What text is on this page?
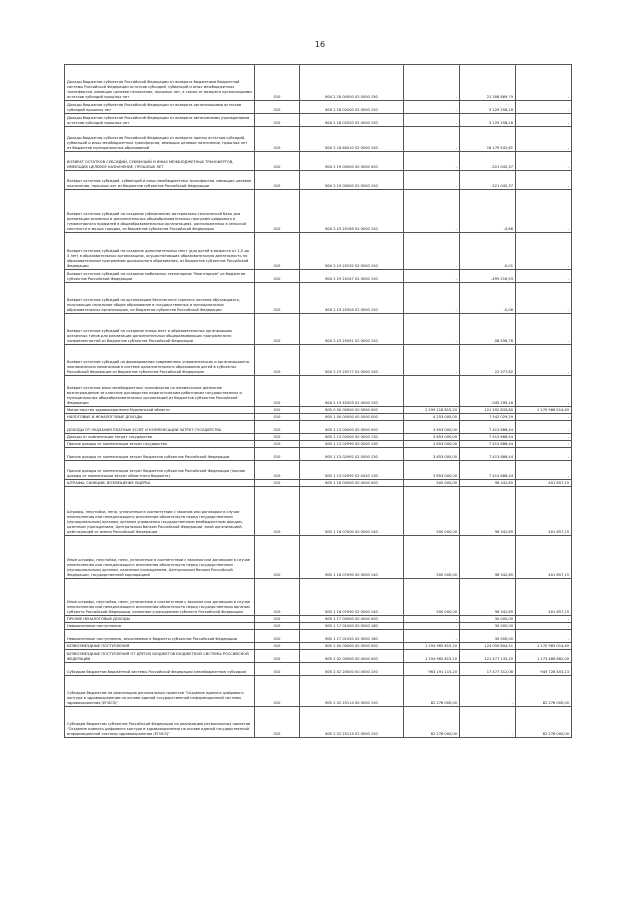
16
Доходы бюджетов субъектов Российской Федерации от возврата бюджетами бюджетной системы Российской Федерации остатков субсидий, субвенций и иных межбюджетных трансфертов, имеющих целевое назначение, прошлых лет, а также от возврата организациями остатков субсидий прошлых лет	010	804 2 18 00000 02 0000 150	-	21 308 869,79	-
Доходы бюджетов субъектов Российской Федерации от возврата организациями остатков субсидий прошлых лет	010	804 2 18 02000 02 0000 150	-	5 129 258,18	-
Доходы бюджетов субъектов Российской Федерации от возврата автономными учреждениями остатков субсидий прошлых лет	010	804 2 18 02020 02 0000 150	-	5 129 258,18	-
Доходы бюджетов субъектов Российской Федерации от возврата прочих остатков субсидий, субвенций и иных межбюджетных трансфертов, имеющих целевое назначение, прошлых лет из бюджетов муниципальных образований	010	804 2 18 60010 02 0000 150	-	16 179 542,61	-
ВОЗВРАТ ОСТАТКОВ СУБСИДИЙ, СУБВЕНЦИЙ И ИНЫХ МЕЖБЮДЖЕТНЫХ ТРАНСФЕРТОВ, ИМЕЮЩИХ ЦЕЛЕВОЕ НАЗНАЧЕНИЕ, ПРОШЛЫХ ЛЕТ	010	804 2 19 00000 00 0000 000	-	-521 045,37	-
Возврат остатков субсидий, субвенций и иных межбюджетных трансфертов, имеющих целевое назначение, прошлых лет из бюджетов субъектов Российской Федерации	010	804 2 19 00000 02 0000 150	-	-521 045,37	-
Возврат остатков субсидий на создание (обновление) материально-технической базы для реализации основных и дополнительных общеобразовательных программ цифрового и гуманитарного профилей в общеобразовательных организациях, расположенных в сельской местности и малых городах, из бюджетов субъектов Российской Федерации	010	804 2 19 25169 02 0000 150	-	-0,66	-
Возврат остатков субсидий на создание дополнительных мест (для детей в возрасте от 1,5 до 3 лет) в образовательных организациях, осуществляющих образовательную деятельность по образовательным программам дошкольного образования, из бюджетов субъектов Российской Федерации	010	804 2 19 25232 02 0000 150	-	-0,01	-
Возврат остатков субсидий на создание мобильных технопарков "Кванториум" из бюджетов субъектов Российской Федерации	010	804 2 19 25247 02 0000 150	-	-495 216,93	-
Возврат остатков субсидий на организацию бесплатного горячего питания обучающихся, получающих начальное общее образование в государственных и муниципальных образовательных организациях, из бюджетов субъектов Российской Федерации	010	804 2 19 25304 02 0000 150	-	-0,06	-
Возврат остатков субсидий на создание новых мест в образовательных организациях различных типов для реализации дополнительных общеразвивающих программ всех направленностей из бюджетов субъектов Российской Федерации	010	804 2 19 25491 02 0000 150	-	-58 556,78	-
Возврат остатков субсидий на формирование современных управленческих и организационно-экономических механизмов в системе дополнительного образования детей в субъектах Российской Федерации из бюджетов субъектов Российской Федерации	010	804 2 19 25277 02 0000 150	-	22 377,82	-
Возврат остатков иных межбюджетных трансфертов на ежемесячное денежное вознаграждение за классное руководство педагогическим работникам государственных и муниципальных общеобразовательных организаций из бюджетов субъектов Российской Федерации	010	804 2 19 45303 02 0000 150	-	-345 299,18	-
Министерство здравоохранения Мурманской области	010	805 0 00 00000 00 0000 000	1 299 218 815,20	121 592 833,80	1 170 966 014,49
НАЛОГОВЫЕ И НЕНАЛОГОВЫЕ ДОХОДЫ	010	805 1 00 00000 00 0000 000	4 253 000,00	7 542 029,29	-
ДОХОДЫ ОТ ОКАЗАНИЯ ПЛАТНЫХ УСЛУГ И КОМПЕНСАЦИИ ЗАТРАТ ГОСУДАРСТВА	010	805 1 13 00000 00 0000 000	3 653 000,00	7 413 686,44	-
Доходы от компенсации затрат государства	010	805 1 13 02000 00 0000 130	3 653 000,00	7 413 686,44	-
Прочие доходы от компенсации затрат государства	010	805 1 13 02990 00 0000 130	3 653 000,00	7 413 686,44	-
Прочие доходы от компенсации затрат бюджетов субъектов Российской Федерации	010	805 1 13 02992 02 0000 130	3 653 000,00	7 413 686,44	-
Прочие доходы от компенсации затрат бюджетов субъектов Российской Федерации (прочие доходы от компенсации затрат областного бюджета)	010	805 1 13 02992 02 0420 130	3 653 000,00	7 413 686,44	-
ШТРАФЫ, САНКЦИИ, ВОЗМЕЩЕНИЕ УЩЕРБА	010	805 1 16 00000 00 0000 000	500 000,00	98 342,85	401 657,15
Штрафы, неустойки, пени, уплаченные в соответствии с законом или договором в случае неисполнения или ненадлежащего исполнения обязательств перед государственным (муниципальным) органом, органом управления государственным внебюджетным фондом, казенным учреждением, Центральным банком Российской Федерации, иной организацией, действующей от имени Российской Федерации	010	805 1 16 07000 00 0000 140	500 000,00	98 342,85	401 657,15
Иные штрафы, неустойки, пени, уплаченные в соответствии с законом или договором в случае неисполнения или ненадлежащего исполнения обязательств перед государственным (муниципальным) органом, казенным учреждением, Центральным банком Российской Федерации, государственной корпорацией	010	805 1 16 07090 00 0000 140	500 000,00	98 342,85	401 657,15
Иные штрафы, неустойки, пени, уплаченные в соответствии с законом или договором в случае неисполнения или ненадлежащего исполнения обязательств перед государственным органом субъекта Российской Федерации, казенным учреждением субъекта Российской Федерации	010	805 1 16 07090 02 0000 140	500 000,00	98 342,85	401 657,15
ПРОЧИЕ НЕНАЛОГОВЫЕ ДОХОДЫ	010	805 1 17 00000 00 0000 000	-	30 000,00	-
Невыясненные поступления	010	805 1 17 01000 00 0000 180	-	30 000,00	-
Невыясненные поступления, зачисляемые в бюджеты субъектов Российской Федерации	010	805 1 17 01020 02 0000 180	-	30 000,00	-
БЕЗВОЗМЕЗДНЫЕ ПОСТУПЛЕНИЯ	010	805 2 00 00000 00 0000 000	1 294 965 815,20	124 050 804,51	1 170 965 014,49
БЕЗВОЗМЕЗДНЫЕ ПОСТУПЛЕНИЯ ОТ ДРУГИХ БЮДЖЕТОВ БЮДЖЕТНОЙ СИСТЕМЫ РОССИЙСКОЙ ФЕДЕРАЦИИ	010	805 2 02 00000 00 0000 000	1 294 965 815,20	121 477 133,20	1 173 488 682,00
Субсидии бюджетам бюджетной системы Российской Федерации (межбюджетные субсидии)	010	805 2 02 20000 00 0000 150	963 191 115,20	17 477 312,08	945 728 403,13
Субсидии бюджетам на реализацию региональных проектов "Создание единого цифрового контура в здравоохранении на основе единой государственной информационной системы здравоохранения (ЕГИСЗ)"	010	805 2 02 25114 00 0000 150	82 276 000,00	-	82 276 000,00
Субсидии бюджетам субъектов Российской Федерации на реализацию региональных проектов "Создание единого цифрового контура в здравоохранении на основе единой государственной информационной системы здравоохранения (ЕГИСЗ)"	010	805 2 02 25114 02 0000 150	82 276 000,00	-	82 276 000,00
